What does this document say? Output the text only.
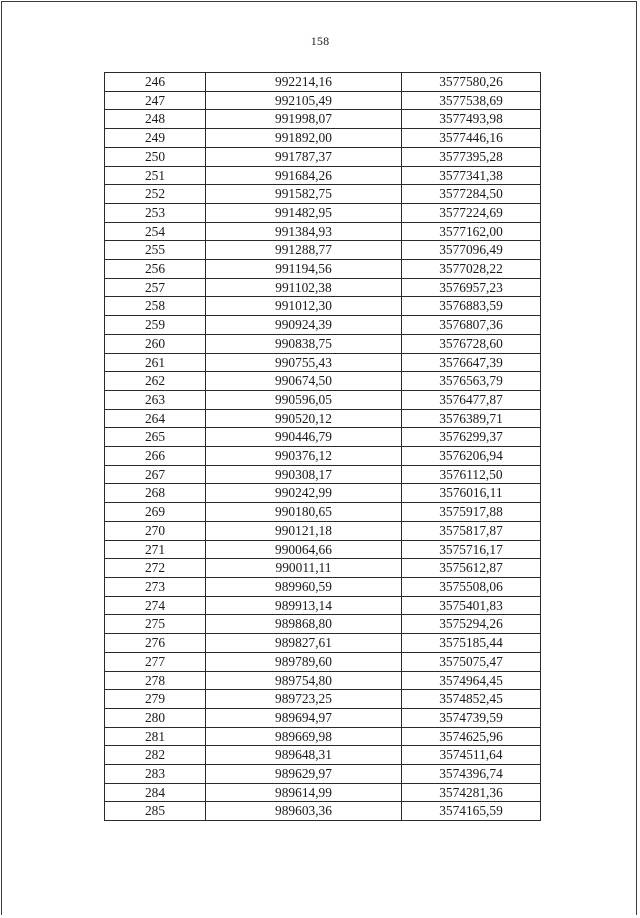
158
246	992214,16	3577580,26
247	992105,49	3577538,69
248	991998,07	3577493,98
249	991892,00	3577446,16
250	991787,37	3577395,28
251	991684,26	3577341,38
252	991582,75	3577284,50
253	991482,95	3577224,69
254	991384,93	3577162,00
255	991288,77	3577096,49
256	991194,56	3577028,22
257	991102,38	3576957,23
258	991012,30	3576883,59
259	990924,39	3576807,36
260	990838,75	3576728,60
261	990755,43	3576647,39
262	990674,50	3576563,79
263	990596,05	3576477,87
264	990520,12	3576389,71
265	990446,79	3576299,37
266	990376,12	3576206,94
267	990308,17	3576112,50
268	990242,99	3576016,11
269	990180,65	3575917,88
270	990121,18	3575817,87
271	990064,66	3575716,17
272	990011,11	3575612,87
273	989960,59	3575508,06
274	989913,14	3575401,83
275	989868,80	3575294,26
276	989827,61	3575185,44
277	989789,60	3575075,47
278	989754,80	3574964,45
279	989723,25	3574852,45
280	989694,97	3574739,59
281	989669,98	3574625,96
282	989648,31	3574511,64
283	989629,97	3574396,74
284	989614,99	3574281,36
285	989603,36	3574165,59
